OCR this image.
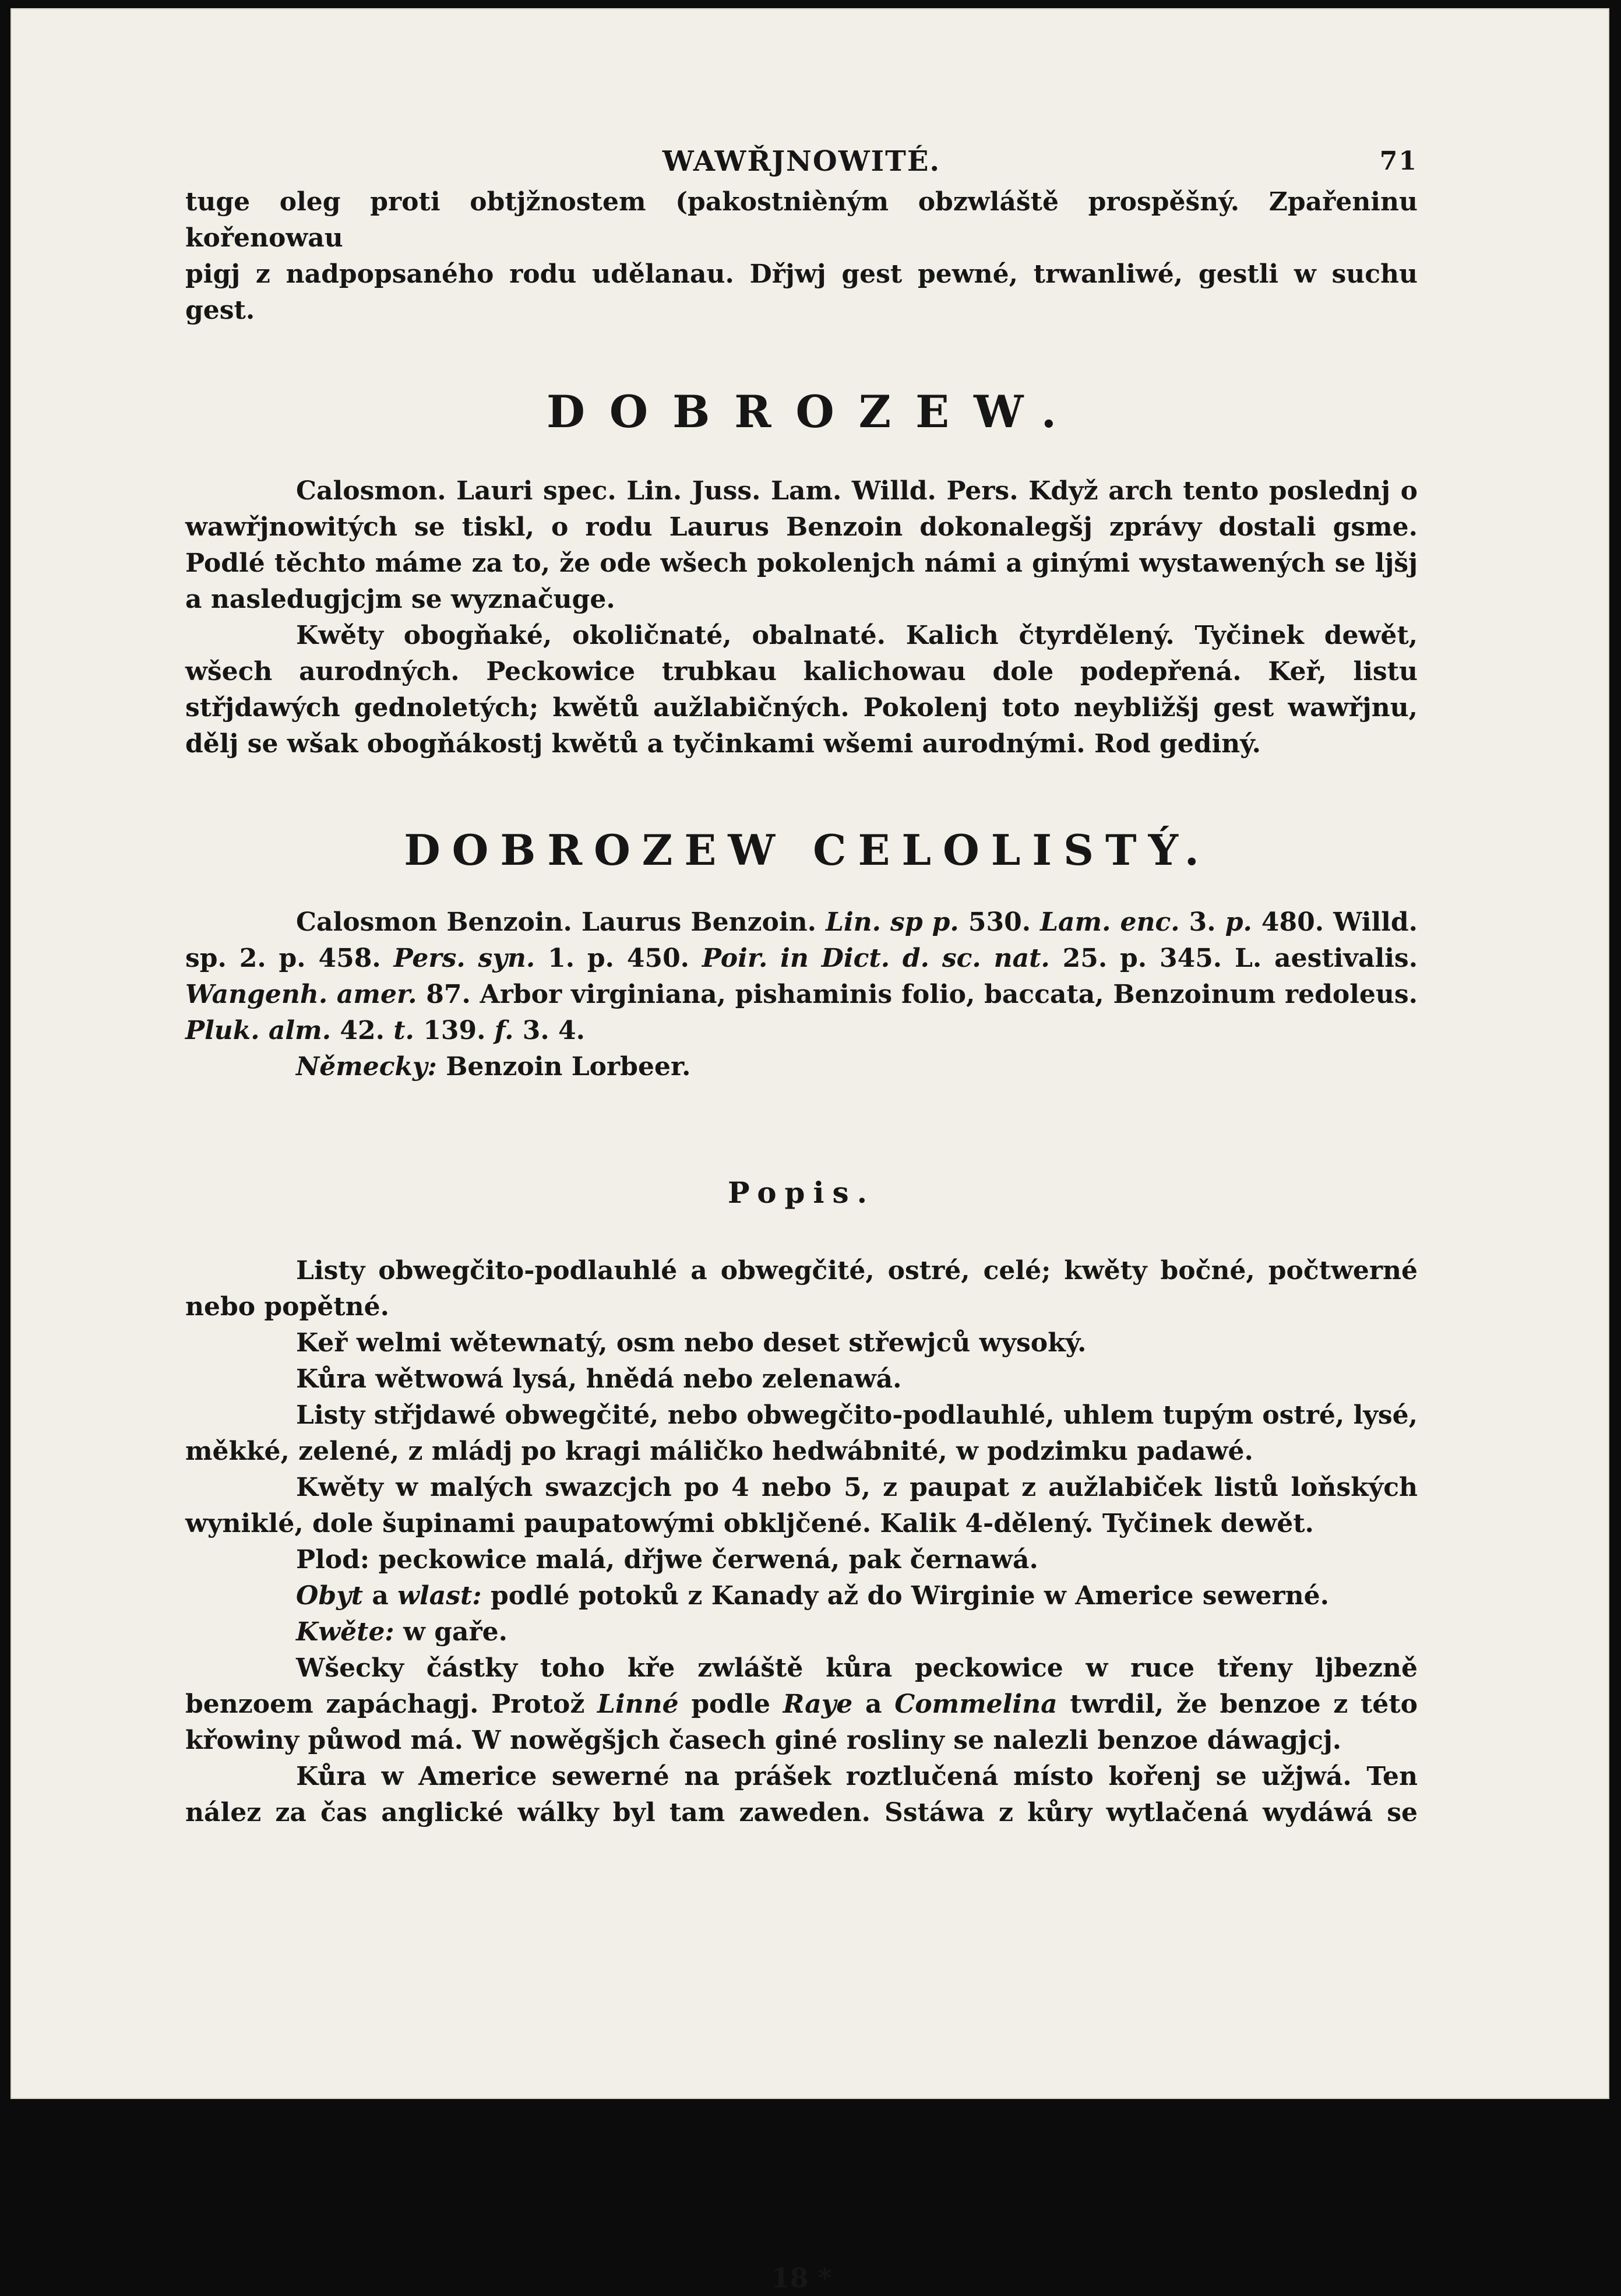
WAWŘJNOWITÉ.	71

tuge oleg proti obtjžnostem (pakostnièným obzwláště prospěšný. Zpařeninu kořenowau

pigj z nadpopsaného rodu udělanau. Dřjwj gest pewné, trwanliwé, gestli w suchu gest.

DOBROZEW.

Calosmon. Lauri spec. Lin. Juss. Lam. Willd. Pers. Když arch tento poslednj o wawřjnowitých se tiskl, o rodu Laurus Benzoin dokonalegšj zprávy dostali gsme. Podlé těchto máme za to, že ode wšech pokolenjch námi a ginými wystawených se ljšj a nasledugjcjm se wyznačuge.

Kwěty obogňaké, okoličnaté, obalnaté. Kalich čtyrdělený. Tyčinek dewět, wšech aurodných. Peckowice trubkau kalichowau dole podepřená. Keř, listu střjdawých gednoletých; kwětů aužlabičných. Pokolenj toto neybližšj gest wawřjnu, dělj se wšak obogňákostj kwětů a tyčinkami wšemi aurodnými. Rod gediný.

DOBROZEW CELOLISTÝ.

Calosmon Benzoin. Laurus Benzoin. Lin. sp p. 530. Lam. enc. 3. p. 480. Willd. sp. 2. p. 458. Pers. syn. 1. p. 450. Poir. in Dict. d. sc. nat. 25. p. 345. L. aestivalis. Wangenh. amer. 87. Arbor virginiana, pishaminis folio, baccata, Benzoinum redoleus. Pluk. alm. 42. t. 139. f. 3. 4.

Německy: Benzoin Lorbeer.

Popis.

Listy obwegčito-podlauhlé a obwegčité, ostré, celé; kwěty bočné, počtwerné nebo popětné.

Keř welmi wětewnatý, osm nebo deset střewjců wysoký.

Kůra wětwowá lysá, hnědá nebo zelenawá.

Listy střjdawé obwegčité, nebo obwegčito-podlauhlé, uhlem tupým ostré, lysé, měkké, zelené, z mládj po kragi máličko hedwábnité, w podzimku padawé.

Kwěty w malých swazcjch po 4 nebo 5, z paupat z aužlabiček listů loňských wyniklé, dole šupinami paupatowými obkljčené. Kalik 4-dělený. Tyčinek dewět.

Plod: peckowice malá, dřjwe čerwená, pak černawá.

Obyt a wlast: podlé potoků z Kanady až do Wirginie w Americe sewerné.

Kwěte: w gaře.

Wšecky částky toho kře zwláště kůra peckowice w ruce třeny ljbezně benzoem zapáchagj. Protož Linné podle Raye a Commelina twrdil, že benzoe z této křowiny půwod má. W nowěgšjch časech giné rosliny se nalezli benzoe dáwagjcj.

Kůra w Americe sewerné na prášek roztlučená místo kořenj se užjwá. Ten nález za čas anglické wálky byl tam zaweden. Sstáwa z kůry wytlačená wydáwá se

18 *
